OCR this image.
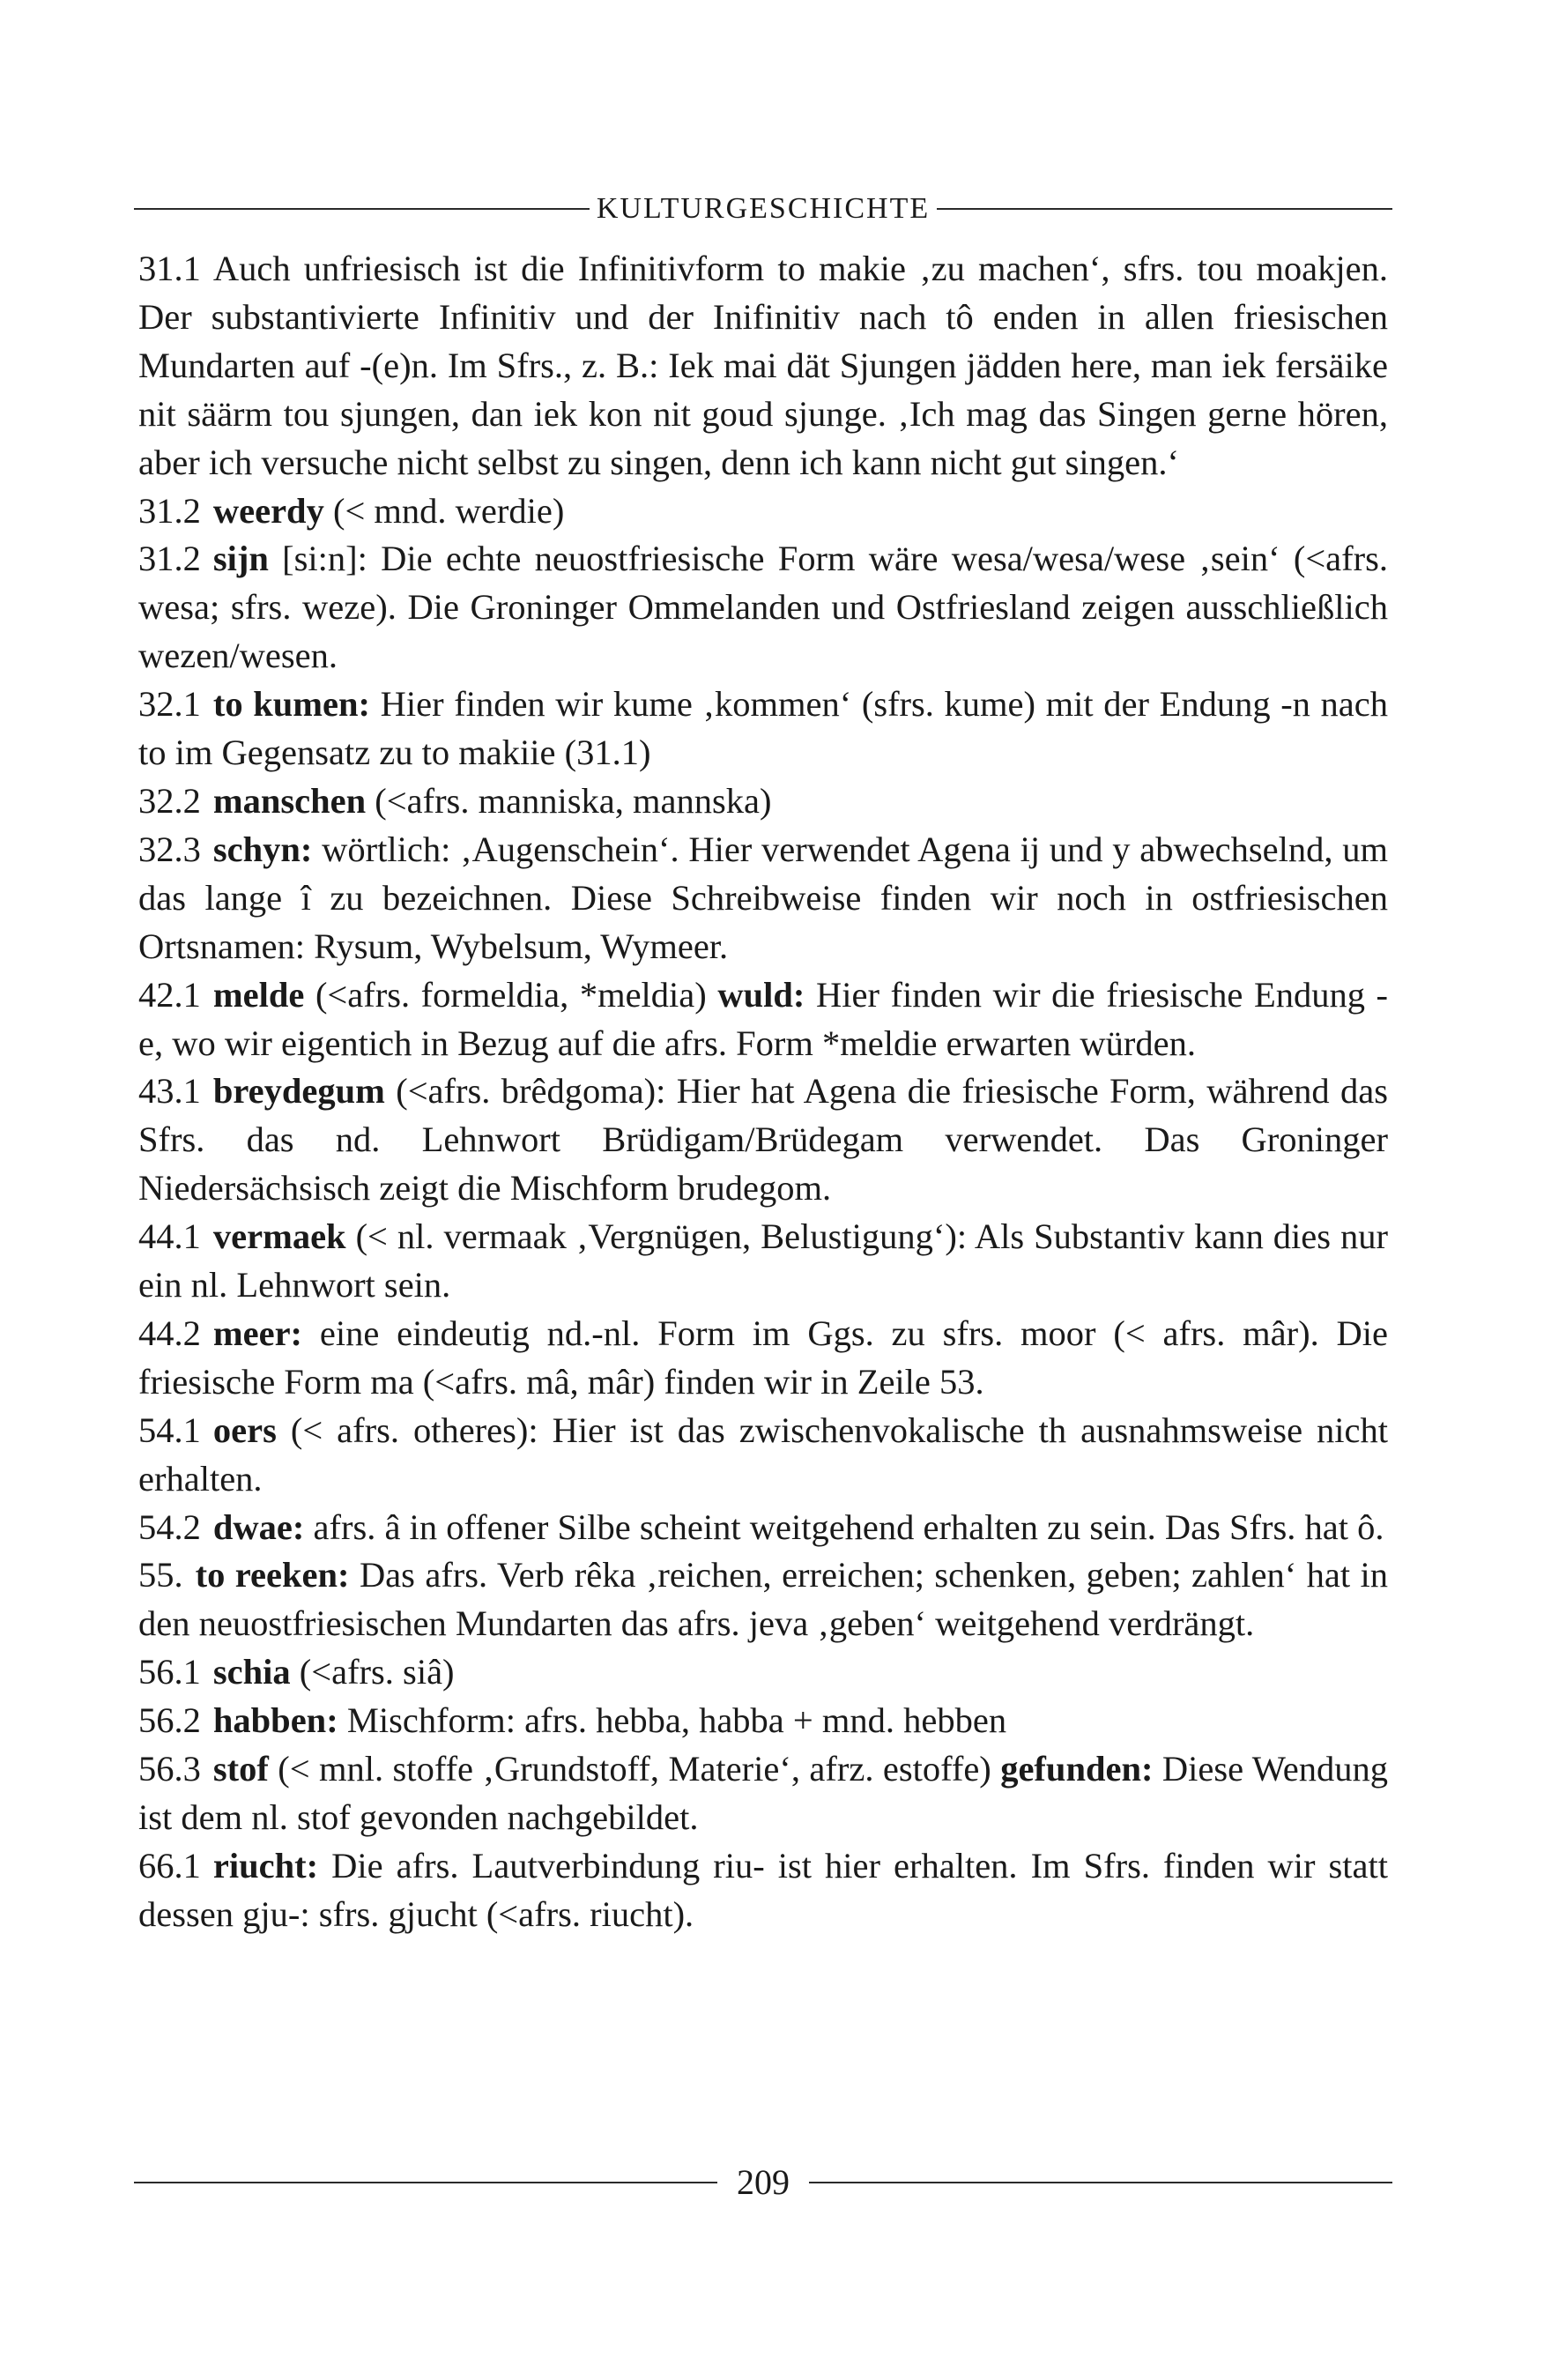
KULTURGESCHICHTE

31.1 Auch unfriesisch ist die Infinitivform to makie ‚zu machen‘, sfrs. tou moakjen. Der substantivierte Infinitiv und der Inifinitiv nach tô enden in allen friesischen Mundarten auf -(e)n. Im Sfrs., z. B.: Iek mai dät Sjungen jädden here, man iek fersäike nit säärm tou sjungen, dan iek kon nit goud sjunge. ‚Ich mag das Singen gerne hören, aber ich versuche nicht selbst zu singen, denn ich kann nicht gut singen.‘

31.2 weerdy (< mnd. werdie)

31.2 sijn [si:n]: Die echte neuostfriesische Form wäre wesa/wesa/wese ‚sein‘ (<afrs. wesa; sfrs. weze). Die Groninger Ommelanden und Ostfriesland zeigen ausschließlich wezen/wesen.

32.1 to kumen: Hier finden wir kume ‚kommen‘ (sfrs. kume) mit der Endung -n nach to im Gegensatz zu to makiie (31.1)

32.2 manschen (<afrs. manniska, mannska)

32.3 schyn: wörtlich: ‚Augenschein‘. Hier verwendet Agena ij und y abwechselnd, um das lange î zu bezeichnen. Diese Schreibweise finden wir noch in ostfriesischen Ortsnamen: Rysum, Wybelsum, Wymeer.

42.1 melde (<afrs. formeldia, *meldia) wuld: Hier finden wir die friesische Endung -e, wo wir eigentich in Bezug auf die afrs. Form *meldie erwarten würden.

43.1 breydegum (<afrs. brêdgoma): Hier hat Agena die friesische Form, während das Sfrs. das nd. Lehnwort Brüdigam/Brüdegam verwendet. Das Groninger Niedersächsisch zeigt die Mischform brudegom.

44.1 vermaek (< nl. vermaak ‚Vergnügen, Belustigung‘): Als Substantiv kann dies nur ein nl. Lehnwort sein.

44.2 meer: eine eindeutig nd.-nl. Form im Ggs. zu sfrs. moor (< afrs. mâr). Die friesische Form ma (<afrs. mâ, mâr) finden wir in Zeile 53.

54.1 oers (< afrs. otheres): Hier ist das zwischenvokalische th ausnahmsweise nicht erhalten.

54.2 dwae: afrs. â in offener Silbe scheint weitgehend erhalten zu sein. Das Sfrs. hat ô.

55. to reeken: Das afrs. Verb rêka ‚reichen, erreichen; schenken, geben; zahlen‘ hat in den neuostfriesischen Mundarten das afrs. jeva ‚geben‘ weitgehend verdrängt.

56.1 schia (<afrs. siâ)

56.2 habben: Mischform: afrs. hebba, habba + mnd. hebben

56.3 stof (< mnl. stoffe ‚Grundstoff, Materie‘, afrz. estoffe) gefunden: Diese Wendung ist dem nl. stof gevonden nachgebildet.

66.1 riucht: Die afrs. Lautverbindung riu- ist hier erhalten. Im Sfrs. finden wir statt dessen gju-: sfrs. gjucht (<afrs. riucht).

209
